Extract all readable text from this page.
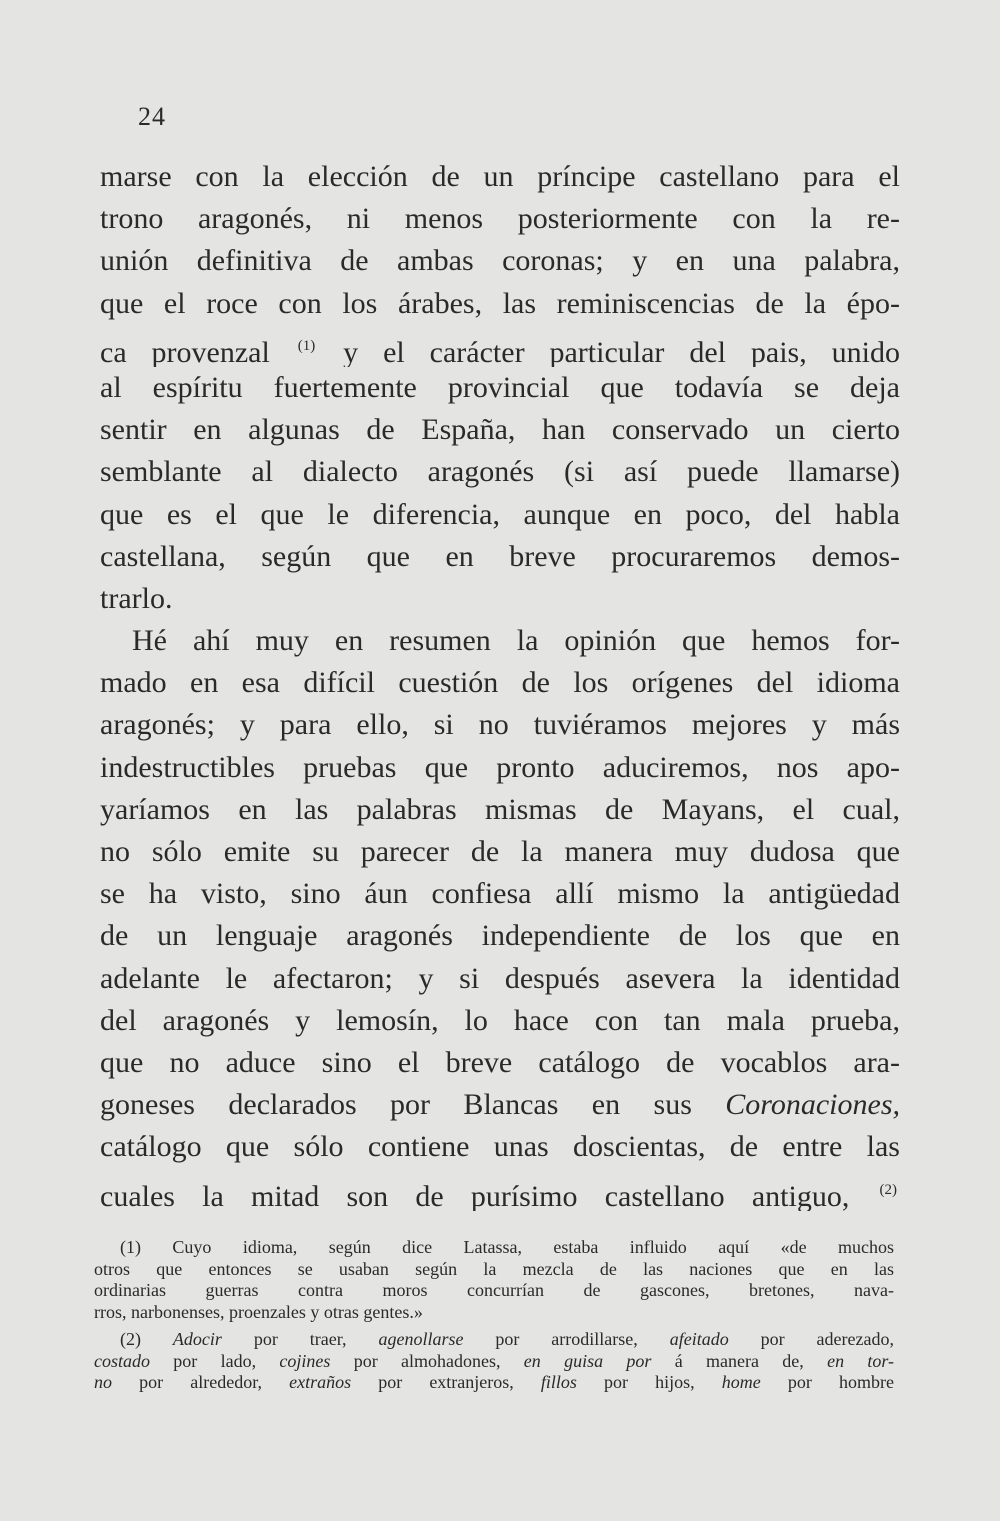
24
marse con la elección de un príncipe castellano para el
trono aragonés, ni menos posteriormente con la re-
unión definitiva de ambas coronas; y en una palabra,
que el roce con los árabes, las reminiscencias de la épo-
ca provenzal $^{(1)}$ y el carácter particular del pais, unido
al espíritu fuertemente provincial que todavía se deja
sentir en algunas de España, han conservado un cierto
semblante al dialecto aragonés (si así puede llamarse)
que es el que le diferencia, aunque en poco, del habla
castellana, según que en breve procuraremos demos-
trarlo.
Hé ahí muy en resumen la opinión que hemos for-
mado en esa difícil cuestión de los orígenes del idioma
aragonés; y para ello, si no tuviéramos mejores y más
indestructibles pruebas que pronto aduciremos, nos apo-
yaríamos en las palabras mismas de Mayans, el cual,
no sólo emite su parecer de la manera muy dudosa que
se ha visto, sino áun confiesa allí mismo la antigüedad
de un lenguaje aragonés independiente de los que en
adelante le afectaron; y si después asevera la identidad
del aragonés y lemosín, lo hace con tan mala prueba,
que no aduce sino el breve catálogo de vocablos ara-
goneses declarados por Blancas en sus Coronaciones,
catálogo que sólo contiene unas doscientas, de entre las
cuales la mitad son de purísimo castellano antiguo, $^{(2)}$
(1) Cuyo idioma, según dice Latassa, estaba influido aquí «de muchos
otros que entonces se usaban según la mezcla de las naciones que en las
ordinarias guerras contra moros concurrían de gascones, bretones, nava-
rros, narbonenses, proenzales y otras gentes.»
(2) Adocir por traer, agenollarse por arrodillarse, afeitado por aderezado,
costado por lado, cojines por almohadones, en guisa por á manera de, en tor-
no por alrededor, extraños por extranjeros, fillos por hijos, home por hombre
